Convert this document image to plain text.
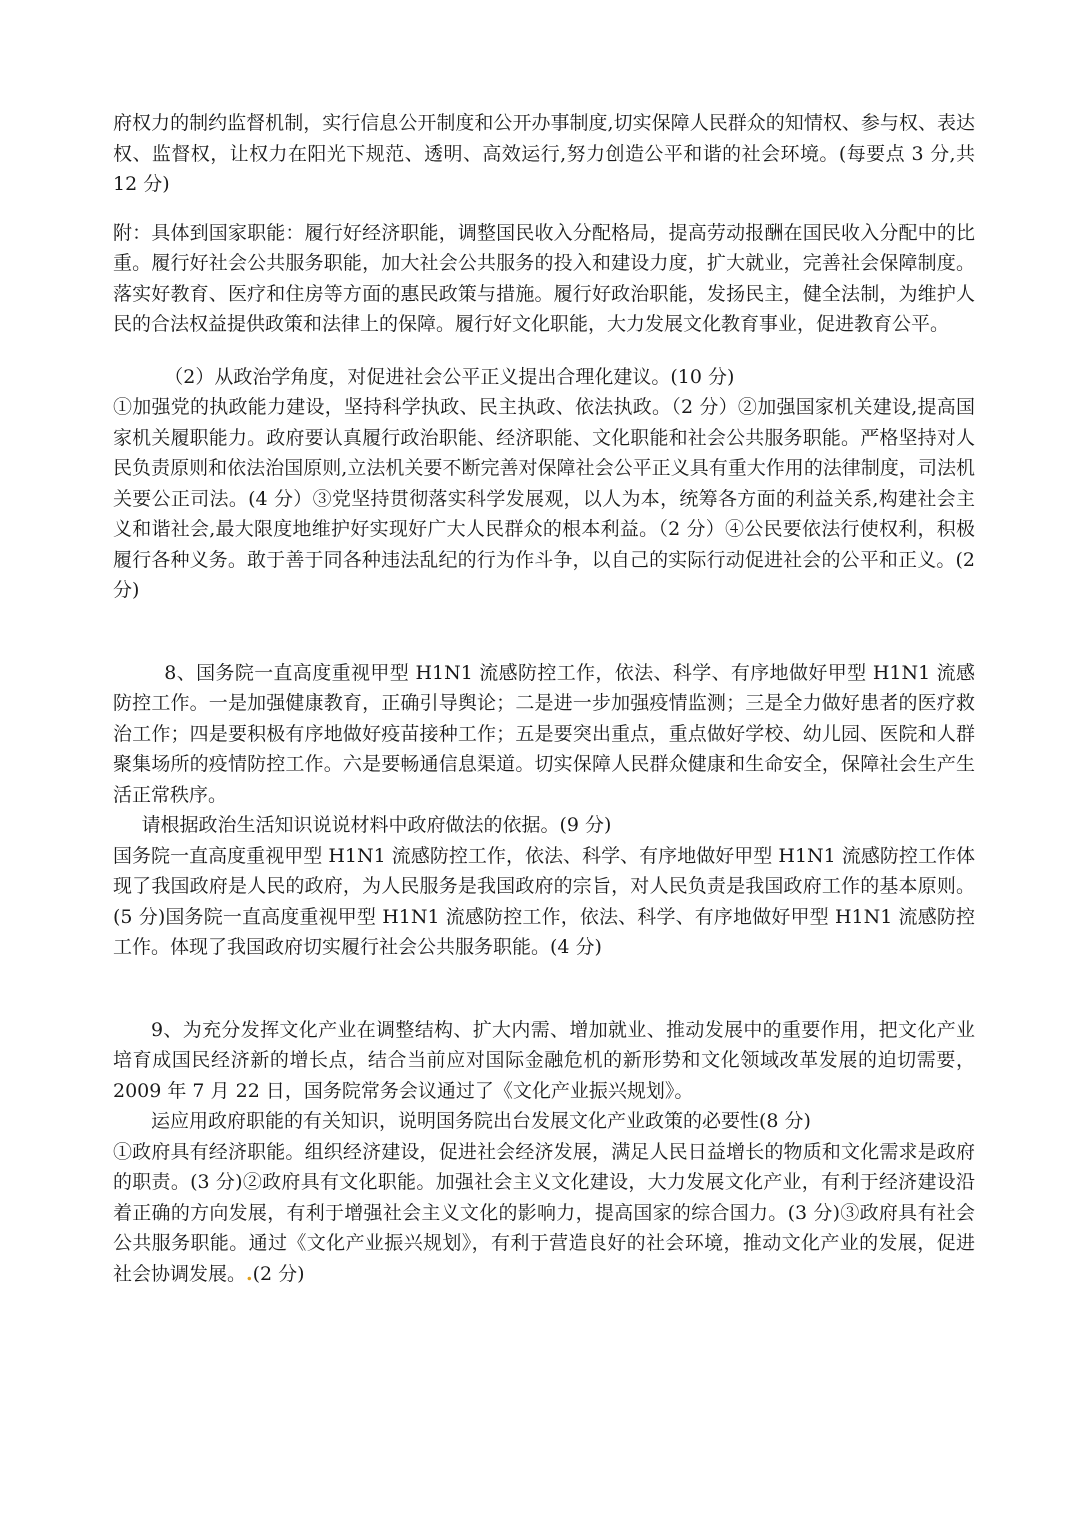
府权力的制约监督机制，实行信息公开制度和公开办事制度,切实保障人民群众的知情权、参与权、表达权、监督权，让权力在阳光下规范、透明、高效运行,努力创造公平和谐的社会环境。(每要点 3 分,共 12 分)

附：具体到国家职能：履行好经济职能，调整国民收入分配格局，提高劳动报酬在国民收入分配中的比重。履行好社会公共服务职能，加大社会公共服务的投入和建设力度，扩大就业，完善社会保障制度。落实好教育、医疗和住房等方面的惠民政策与措施。履行好政治职能，发扬民主，健全法制，为维护人民的合法权益提供政策和法律上的保障。履行好文化职能，大力发展文化教育事业，促进教育公平。

（2）从政治学角度，对促进社会公平正义提出合理化建议。(10 分)

①加强党的执政能力建设，坚持科学执政、民主执政、依法执政。（2 分）②加强国家机关建设,提高国家机关履职能力。政府要认真履行政治职能、经济职能、文化职能和社会公共服务职能。严格坚持对人民负责原则和依法治国原则,立法机关要不断完善对保障社会公平正义具有重大作用的法律制度，司法机关要公正司法。(4 分）③党坚持贯彻落实科学发展观，以人为本，统筹各方面的利益关系,构建社会主义和谐社会,最大限度地维护好实现好广大人民群众的根本利益。（2 分）④公民要依法行使权利，积极履行各种义务。敢于善于同各种违法乱纪的行为作斗争，以自己的实际行动促进社会的公平和正义。(2 分)

8、国务院一直高度重视甲型 H1N1 流感防控工作，依法、科学、有序地做好甲型 H1N1 流感防控工作。一是加强健康教育，正确引导舆论；二是进一步加强疫情监测；三是全力做好患者的医疗救治工作；四是要积极有序地做好疫苗接种工作；五是要突出重点，重点做好学校、幼儿园、医院和人群聚集场所的疫情防控工作。六是要畅通信息渠道。切实保障人民群众健康和生命安全，保障社会生产生活正常秩序。

请根据政治生活知识说说材料中政府做法的依据。(9 分)

国务院一直高度重视甲型 H1N1 流感防控工作，依法、科学、有序地做好甲型 H1N1 流感防控工作体现了我国政府是人民的政府，为人民服务是我国政府的宗旨，对人民负责是我国政府工作的基本原则。(5 分)国务院一直高度重视甲型 H1N1 流感防控工作，依法、科学、有序地做好甲型 H1N1 流感防控工作。体现了我国政府切实履行社会公共服务职能。(4 分)

9、为充分发挥文化产业在调整结构、扩大内需、增加就业、推动发展中的重要作用，把文化产业培育成国民经济新的增长点，结合当前应对国际金融危机的新形势和文化领域改革发展的迫切需要，2009 年 7 月 22 日，国务院常务会议通过了《文化产业振兴规划》。

运应用政府职能的有关知识，说明国务院出台发展文化产业政策的必要性(8 分)

①政府具有经济职能。组织经济建设，促进社会经济发展，满足人民日益增长的物质和文化需求是政府的职责。(3 分)②政府具有文化职能。加强社会主义文化建设，大力发展文化产业，有利于经济建设沿着正确的方向发展，有利于增强社会主义文化的影响力，提高国家的综合国力。(3 分)③政府具有社会公共服务职能。通过《文化产业振兴规划》，有利于营造良好的社会环境，推动文化产业的发展，促进社会协调发展。.(2 分)
